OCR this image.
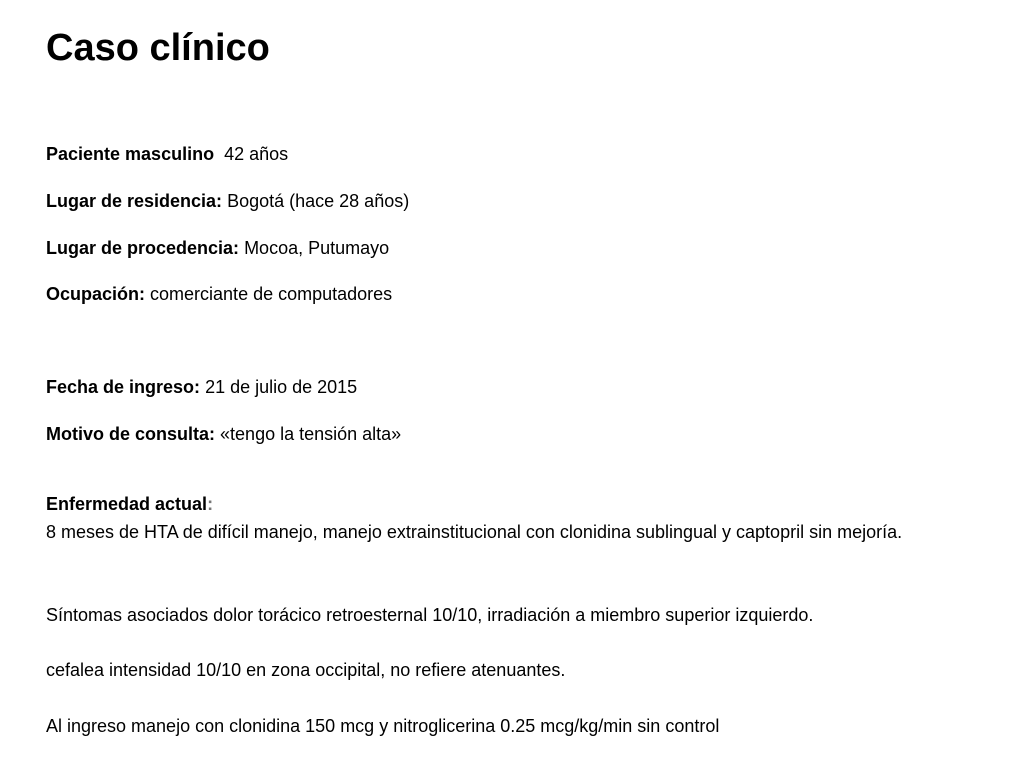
Caso clínico

Paciente masculino 42 años

Lugar de residencia: Bogotá (hace 28 años)

Lugar de procedencia: Mocoa, Putumayo

Ocupación: comerciante de computadores

Fecha de ingreso: 21 de julio de 2015

Motivo de consulta: «tengo la tensión alta»

Enfermedad actual:

8 meses de HTA de difícil manejo, manejo extrainstitucional con clonidina sublingual y captopril sin mejoría.

Síntomas asociados dolor torácico retroesternal 10/10, irradiación a miembro superior izquierdo.

cefalea intensidad 10/10 en zona occipital, no refiere atenuantes.

Al ingreso manejo con clonidina 150 mcg y nitroglicerina 0.25 mcg/kg/min sin control
